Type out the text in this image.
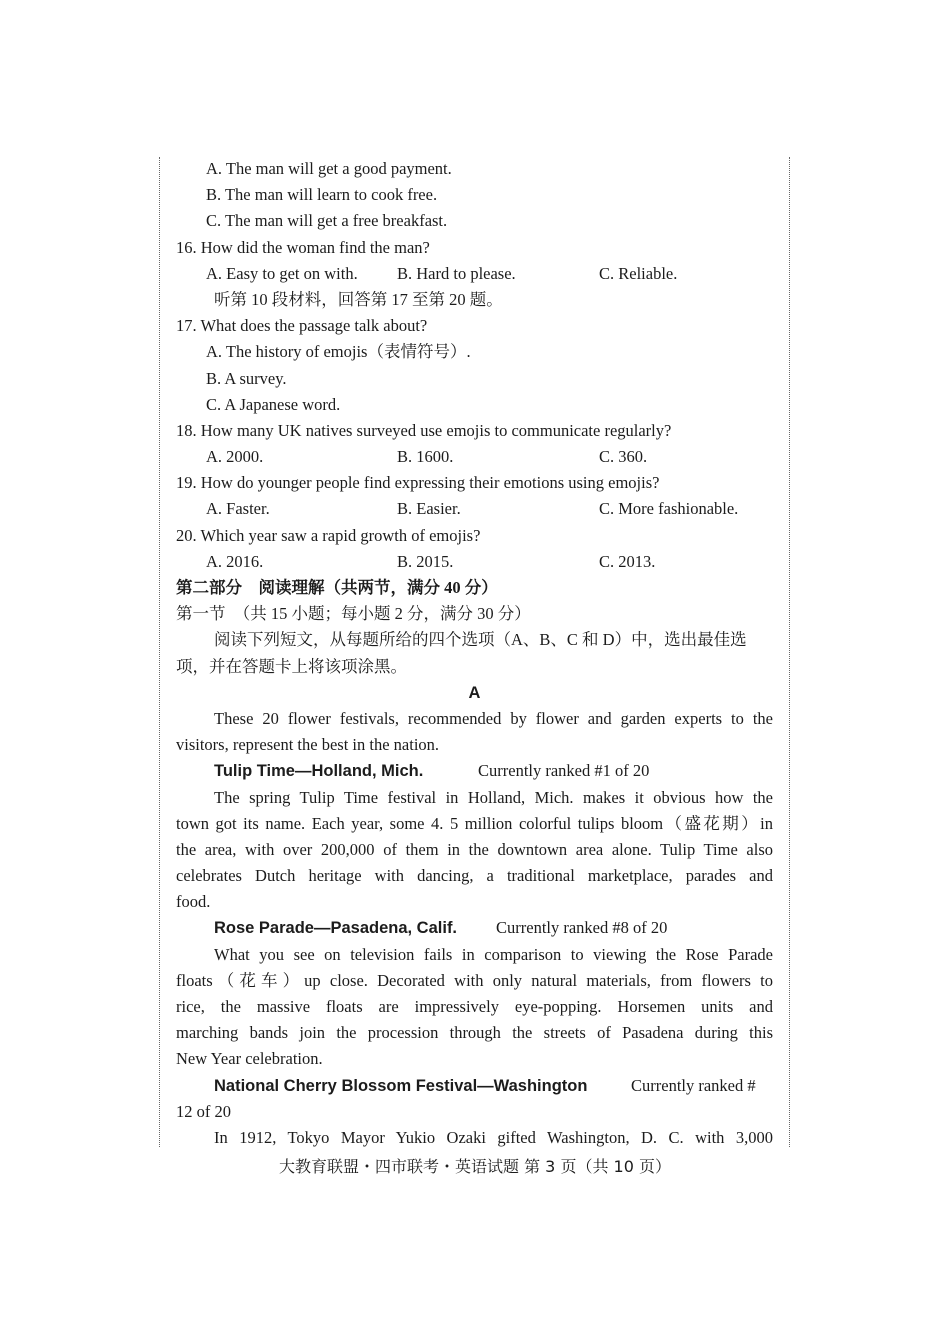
A. The man will get a good payment.
B. The man will learn to cook free.
C. The man will get a free breakfast.
16. How did the woman find the man?
A. Easy to get on with. B. Hard to please.	C. Reliable.
听第 10 段材料，回答第 17 至第 20 题。
17. What does the passage talk about?
A. The history of emojis（表情符号）.
B. A survey.
C. A Japanese word.
18. How many UK natives surveyed use emojis to communicate regularly?
A. 2000.	B. 1600.	C. 360.
19. How do younger people find expressing their emotions using emojis?
A. Faster.	B. Easier.	C. More fashionable.
20. Which year saw a rapid growth of emojis?
A. 2016.	B. 2015.	C. 2013.
第二部分　阅读理解（共两节，满分 40 分）
第一节　（共 15 小题；每小题 2 分，满分 30 分）
阅读下列短文，从每题所给的四个选项（A、B、C 和 D）中，选出最佳选
项，并在答题卡上将该项涂黑。
A
These 20 flower festivals, recommended by flower and garden experts to the
visitors, represent the best in the nation.
Tulip Time—Holland, Mich.	Currently ranked #1 of 20
The spring Tulip Time festival in Holland, Mich. makes it obvious how the
town got its name. Each year, some 4. 5 million colorful tulips bloom（盛花期）in
the area, with over 200,000 of them in the downtown area alone. Tulip Time also
celebrates Dutch heritage with dancing, a traditional marketplace, parades and
food.
Rose Parade—Pasadena, Calif. Currently ranked #8 of 20
What you see on television fails in comparison to viewing the Rose Parade
floats（花车）up close. Decorated with only natural materials, from flowers to
rice, the massive floats are impressively eye-popping. Horsemen units and
marching bands join the procession through the streets of Pasadena during this
New Year celebration.
National Cherry Blossom Festival—Washington	Currently ranked #
12 of 20
In 1912, Tokyo Mayor Yukio Ozaki gifted Washington, D. C. with 3,000
大教育联盟・四市联考・英语试题 第 3 页（共 10 页）
